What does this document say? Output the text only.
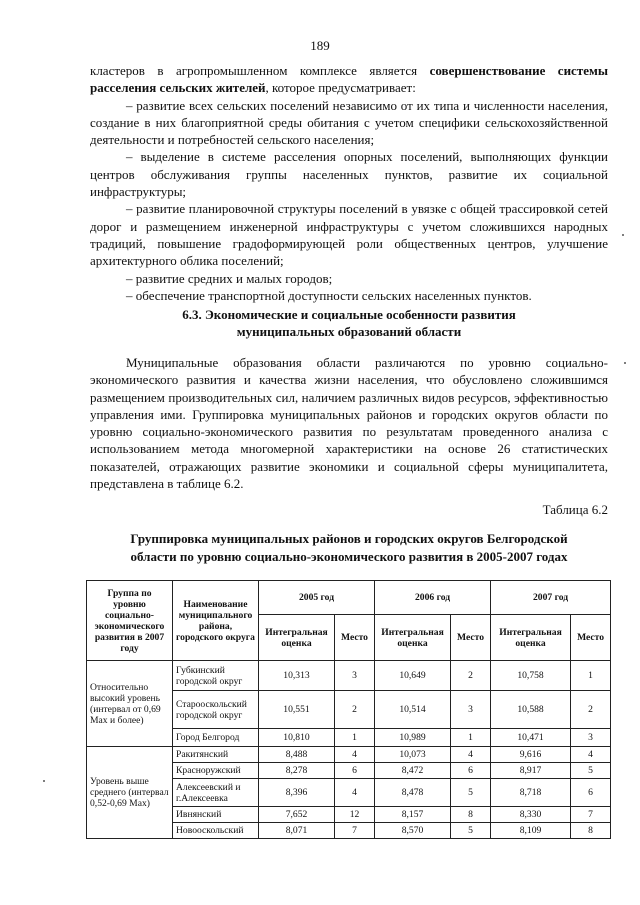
189

кластеров в агропромышленном комплексе является совершенствование системы расселения сельских жителей, которое предусматривает:

– развитие всех сельских поселений независимо от их типа и численности населения, создание в них благоприятной среды обитания с учетом специфики сельскохозяйственной деятельности и потребностей сельского населения;

– выделение в системе расселения опорных поселений, выполняющих функции центров обслуживания группы населенных пунктов, развитие их социальной инфраструктуры;

– развитие планировочной структуры поселений в увязке с общей трассировкой сетей дорог и размещением инженерной инфраструктуры с учетом сложившихся народных традиций, повышение градоформирующей роли общественных центров, улучшение архитектурного облика поселений;

– развитие средних и малых городов;

– обеспечение транспортной доступности сельских населенных пунктов.

6.3. Экономические и социальные особенности развития
муниципальных образований области

Муниципальные образования области различаются по уровню социально-экономического развития и качества жизни населения, что обусловлено сложившимся размещением производительных сил, наличием различных видов ресурсов, эффективностью управления ими. Группировка муниципальных районов и городских округов области по уровню социально-экономического развития по результатам проведенного анализа с использованием метода многомерной характеристики на основе 26 статистических показателей, отражающих развитие экономики и социальной сферы муниципалитета, представлена в таблице 6.2.

Таблица 6.2
Группировка муниципальных районов и городских округов Белгородской
области по уровню социально-экономического развития в 2005-2007 годах
Группа по уровню социально-экономического развития в 2007 году	Наименование муниципального района, городского округа	2005 год		2006 год		2007 год	
		Интегральная оценка	Место	Интегральная оценка	Место	Интегральная оценка	Место
Относительно высокий уровень (интервал от 0,69 Max и более)	Губкинский городской округ	10,313	3	10,649	2	10,758	1
	Старооскольский городской округ	10,551	2	10,514	3	10,588	2
	Город Белгород	10,810	1	10,989	1	10,471	3
Уровень выше среднего (интервал 0,52-0,69 Max)	Ракитянский	8,488	4	10,073	4	9,616	4
	Красноружский	8,278	6	8,472	6	8,917	5
	Алексеевский и г.Алексеевка	8,396	4	8,478	5	8,718	6
	Ивнянский	7,652	12	8,157	8	8,330	7
	Новооскольский	8,071	7	8,570	5	8,109	8
